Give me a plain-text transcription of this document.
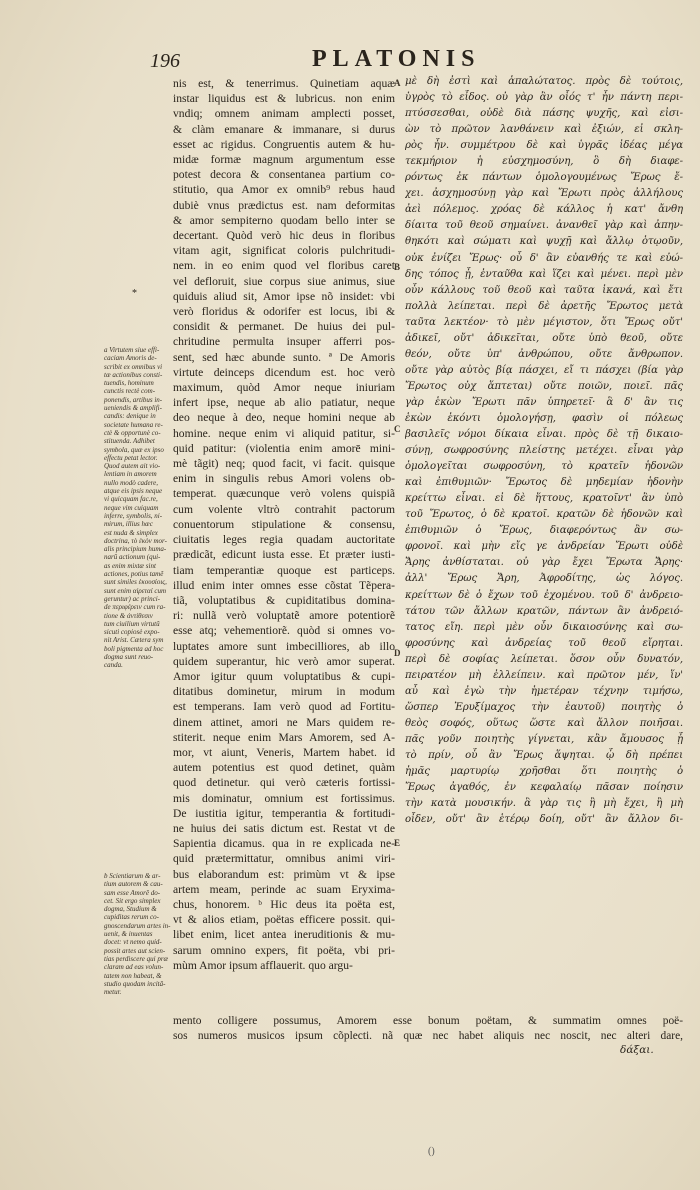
196	PLATONIS
*
a Virtutem siue effi-
caciam Amoris de-
scribit ex omnibus vi
tæ actionibus consti-
tuendis, hominum
cunctis rectè com-
ponendis, artibus in-
ueniendis & amplifi-
candis: denique in
societate humana re-
ctè & opportunè co-
stituenda. Adhibet
symbola, quæ ex ipso
effectu petat lector.
Quod autem ait vio-
lentiam in amorem
nullo modò cadere,
atque eis ipsis neque
vi quicquam fac.re,
neque vim cuiquam
inferre, symbolis, ni-
mirum, illius hæc
est nuda & simplex
doctrina, τὸ ἑκὸν mor-
alis principium huma-
narũ actionum (qui-
as enim mixtæ sint
actiones, potius tamẽ
sunt similes ἑκουσίοις,
sunt enim αἱρεταί cum
geruntur) ac princi-
de περιφέρειν cum ra-
tione & ἀντίθεσιν
tum ciuilium virtutũ
sicuti copiosè expo-
nit Arist. Cætera sym
boli pigmenta ad hoc
dogma sunt reuo-
canda.
b Scientiarum & ar-
tium autorem & cau-
sam esse Amorẽ do-
cet. Sit ergo simplex
dogma, Studium &
cupiditas rerum co-
gnoscendarum artes in-
uenit, & inuentas
docet: vt nemo quid-
possit artes aut scien-
tias perdiscere qui præ
claram ad eas volun-
tatem non habeat, &
studio quodam incitã-
metur.
nis est, & tenerrimus. Quinetiam aquæ
instar liquidus est & lubricus. non enim
vndiq; omnem animam amplecti posset,
& clàm emanare & immanare, si durus
esset ac rigidus. Congruentis autem & hu-
midæ formæ magnum argumentum esse
potest decora & consentanea partium co-
stitutio, qua Amor ex omnib⁹ rebus haud
dubiè vnus prædictus est. nam deformitas
& amor sempiterno quodam bello inter se
decertant. Quòd verò hic deus in floribus
vitam agit, significat coloris pulchritudi-
nem. in eo enim quod vel floribus caret
vel defloruit, siue corpus siue animus, siue
quiduis aliud sit, Amor ipse nõ insidet: vbi
verò floridus & odorifer est locus, ibi &
considit & permanet. De huius dei pul-
chritudine permulta insuper afferri pos-
sent, sed hæc abunde sunto. ª De Amoris
virtute deinceps dicendum est. hoc verò
maximum, quòd Amor neque iniuriam
infert ipse, neque ab alio patiatur, neque
deo neque à deo, neque homini neque ab
homine. neque enim vi aliquid patitur, si-
quid patitur: (violentia enim amorē mini-
mè tãgit) neq; quod facit, vi facit. quisque
enim in singulis rebus Amori volens ob-
temperat. quæcunque verò volens quispiã
cum volente vltrò contrahit pactorum
conuentorum stipulatione & consensu,
ciuitatis leges regia quadam auctoritate
prædicãt, edicunt iusta esse. Et præter iusti-
tiam temperantiæ quoque est particeps.
illud enim inter omnes esse cõstat Tẽpera-
tiã, voluptatibus & cupiditatibus domina-
ri: nullã verò voluptatẽ amore potentiorẽ
esse atq; vehementiorẽ. quòd si omnes vo-
luptates amore sunt imbecilliores, ab illo
quidem superantur, hic verò amor superat.
Amor igitur quum voluptatibus & cupi-
ditatibus dominetur, mirum in modum
est temperans. Iam verò quod ad Fortitu-
dinem attinet, amori ne Mars quidem re-
stiterit. neque enim Mars Amorem, sed A-
mor, vt aiunt, Veneris, Martem habet. id
autem potentius est quod detinet, quàm
quod detinetur. qui verò cæteris fortissi-
mis dominatur, omnium est fortissimus.
De iustitia igitur, temperantia & fortitudi-
ne huius dei satis dictum est. Restat vt de
Sapientia dicamus. qua in re explicada ne-
quid prætermittatur, omnibus animi viri-
bus elaborandum est: primùm vt & ipse
artem meam, perinde ac suam Eryxima-
chus, honorem. ᵇ Hic deus ita poëta est,
vt & alios etiam, poëtas efficere possit. qui-
libet enim, licet antea ineruditionis & mu-
sarum omnino expers, fit poëta, vbi pri-
mùm Amor ipsum afflauerit. quo argu-
A
B
C
D
E
μὲ δὴ ἐστὶ καὶ ἁπαλώτατος. πρὸς δὲ τούτοις,
ὑγρὸς τὸ εἶδος. οὐ γὰρ ἂν οἷός τ' ἦν πάντη περι-
πτύσσεσθαι, οὐδὲ διὰ πάσης ψυχῆς, καὶ εἰσι-
ὼν τὸ πρῶτον λανθάνειν καὶ ἐξιών, εἰ σκλη-
ρὸς ἦν. συμμέτρου δὲ καὶ ὑγρᾶς ἰδέας μέγα
τεκμήριον ἡ εὐσχημοσύνη, ὃ δὴ διαφε-
ρόντως ἐκ πάντων ὁμολογουμένως Ἔρως ἔ-
χει. ἀσχημοσύνῃ γὰρ καὶ Ἔρωτι πρὸς ἀλλήλους
ἀεὶ πόλεμος. χρόας δὲ κάλλος ἡ κατ' ἄνθη
δίαιτα τοῦ θεοῦ σημαίνει. ἀνανθεῖ γὰρ καὶ ἀπην-
θηκότι καὶ σώματι καὶ ψυχῇ καὶ ἄλλῳ ὁτῳοῦν,
οὐκ ἐνίζει Ἔρως· οὗ δ' ἂν εὐανθής τε καὶ εὐώ-
δης τόπος ᾖ, ἐνταῦθα καὶ ἵζει καὶ μένει. περὶ μὲν
οὖν κάλλους τοῦ θεοῦ καὶ ταῦτα ἱκανά, καὶ ἔτι
πολλὰ λείπεται. περὶ δὲ ἀρετῆς Ἔρωτος μετὰ
ταῦτα λεκτέον· τὸ μὲν μέγιστον, ὅτι Ἔρως οὔτ'
ἀδικεῖ, οὔτ' ἀδικεῖται, οὔτε ὑπὸ θεοῦ, οὔτε
θεόν, οὔτε ὑπ' ἀνθρώπου, οὔτε ἄνθρωπον.
οὔτε γὰρ αὐτὸς βίᾳ πάσχει, εἴ τι πάσχει (βία γὰρ
Ἔρωτος οὐχ ἅπτεται) οὔτε ποιῶν, ποιεῖ. πᾶς
γὰρ ἑκὼν Ἔρωτι πᾶν ὑπηρετεῖ· ἃ δ' ἂν τις
ἑκὼν ἑκόντι ὁμολογήσῃ, φασὶν οἱ πόλεως
βασιλεῖς νόμοι δίκαια εἶναι. πρὸς δὲ τῇ δικαιο-
σύνῃ, σωφροσύνης πλείστης μετέχει. εἶναι γὰρ
ὁμολογεῖται σωφροσύνη, τὸ κρατεῖν ἡδονῶν
καὶ ἐπιθυμιῶν· Ἔρωτος δὲ μηδεμίαν ἡδονὴν
κρείττω εἶναι. εἰ δὲ ἥττους, κρατοῖντ' ἂν ὑπὸ
τοῦ Ἔρωτος, ὁ δὲ κρατοῖ. κρατῶν δὲ ἡδονῶν καὶ
ἐπιθυμιῶν ὁ Ἔρως, διαφερόντως ἂν σω-
φρονοῖ. καὶ μὴν εἴς γε ἀνδρείαν Ἔρωτι οὐδὲ
Ἄρης ἀνθίσταται. οὐ γὰρ ἔχει Ἔρωτα Ἄρης·
ἀλλ' Ἔρως Ἄρη, Ἀφροδίτης, ὡς λόγος.
κρείττων δὲ ὁ ἔχων τοῦ ἐχομένου. τοῦ δ' ἀνδρειο-
τάτου τῶν ἄλλων κρατῶν, πάντων ἂν ἀνδρειό-
τατος εἴη. περὶ μὲν οὖν δικαιοσύνης καὶ σω-
φροσύνης καὶ ἀνδρείας τοῦ θεοῦ εἴρηται.
περὶ δὲ σοφίας λείπεται. ὅσον οὖν δυνατόν,
πειρατέον μὴ ἐλλείπειν. καὶ πρῶτον μέν, ἵν'
αὖ καὶ ἐγὼ τὴν ἡμετέραν τέχνην τιμήσω,
ὥσπερ Ἐρυξίμαχος τὴν ἑαυτοῦ) ποιητὴς ὁ
θεὸς σοφός, οὕτως ὥστε καὶ ἄλλον ποιῆσαι.
πᾶς γοῦν ποιητὴς γίγνεται, κἂν ἄμουσος ᾖ
τὸ πρίν, οὗ ἂν Ἔρως ἅψηται. ᾧ δὴ πρέπει
ἡμᾶς μαρτυρίῳ χρῆσθαι ὅτι ποιητὴς ὁ
Ἔρως ἀγαθός, ἐν κεφαλαίῳ πᾶσαν ποίησιν
τὴν κατὰ μουσικήν. ἃ γὰρ τις ἢ μὴ ἔχει, ἢ μὴ
οἶδεν, οὔτ' ἂν ἑτέρῳ δοίη, οὔτ' ἂν ἄλλον δι-
mento colligere possumus, Amorem esse bonum poëtam, & summatim omnes poë-
sos numeros musicos ipsum cõplecti. nã quæ nec habet aliquis nec noscit, nec alteri dare,
δάξαι.
()
